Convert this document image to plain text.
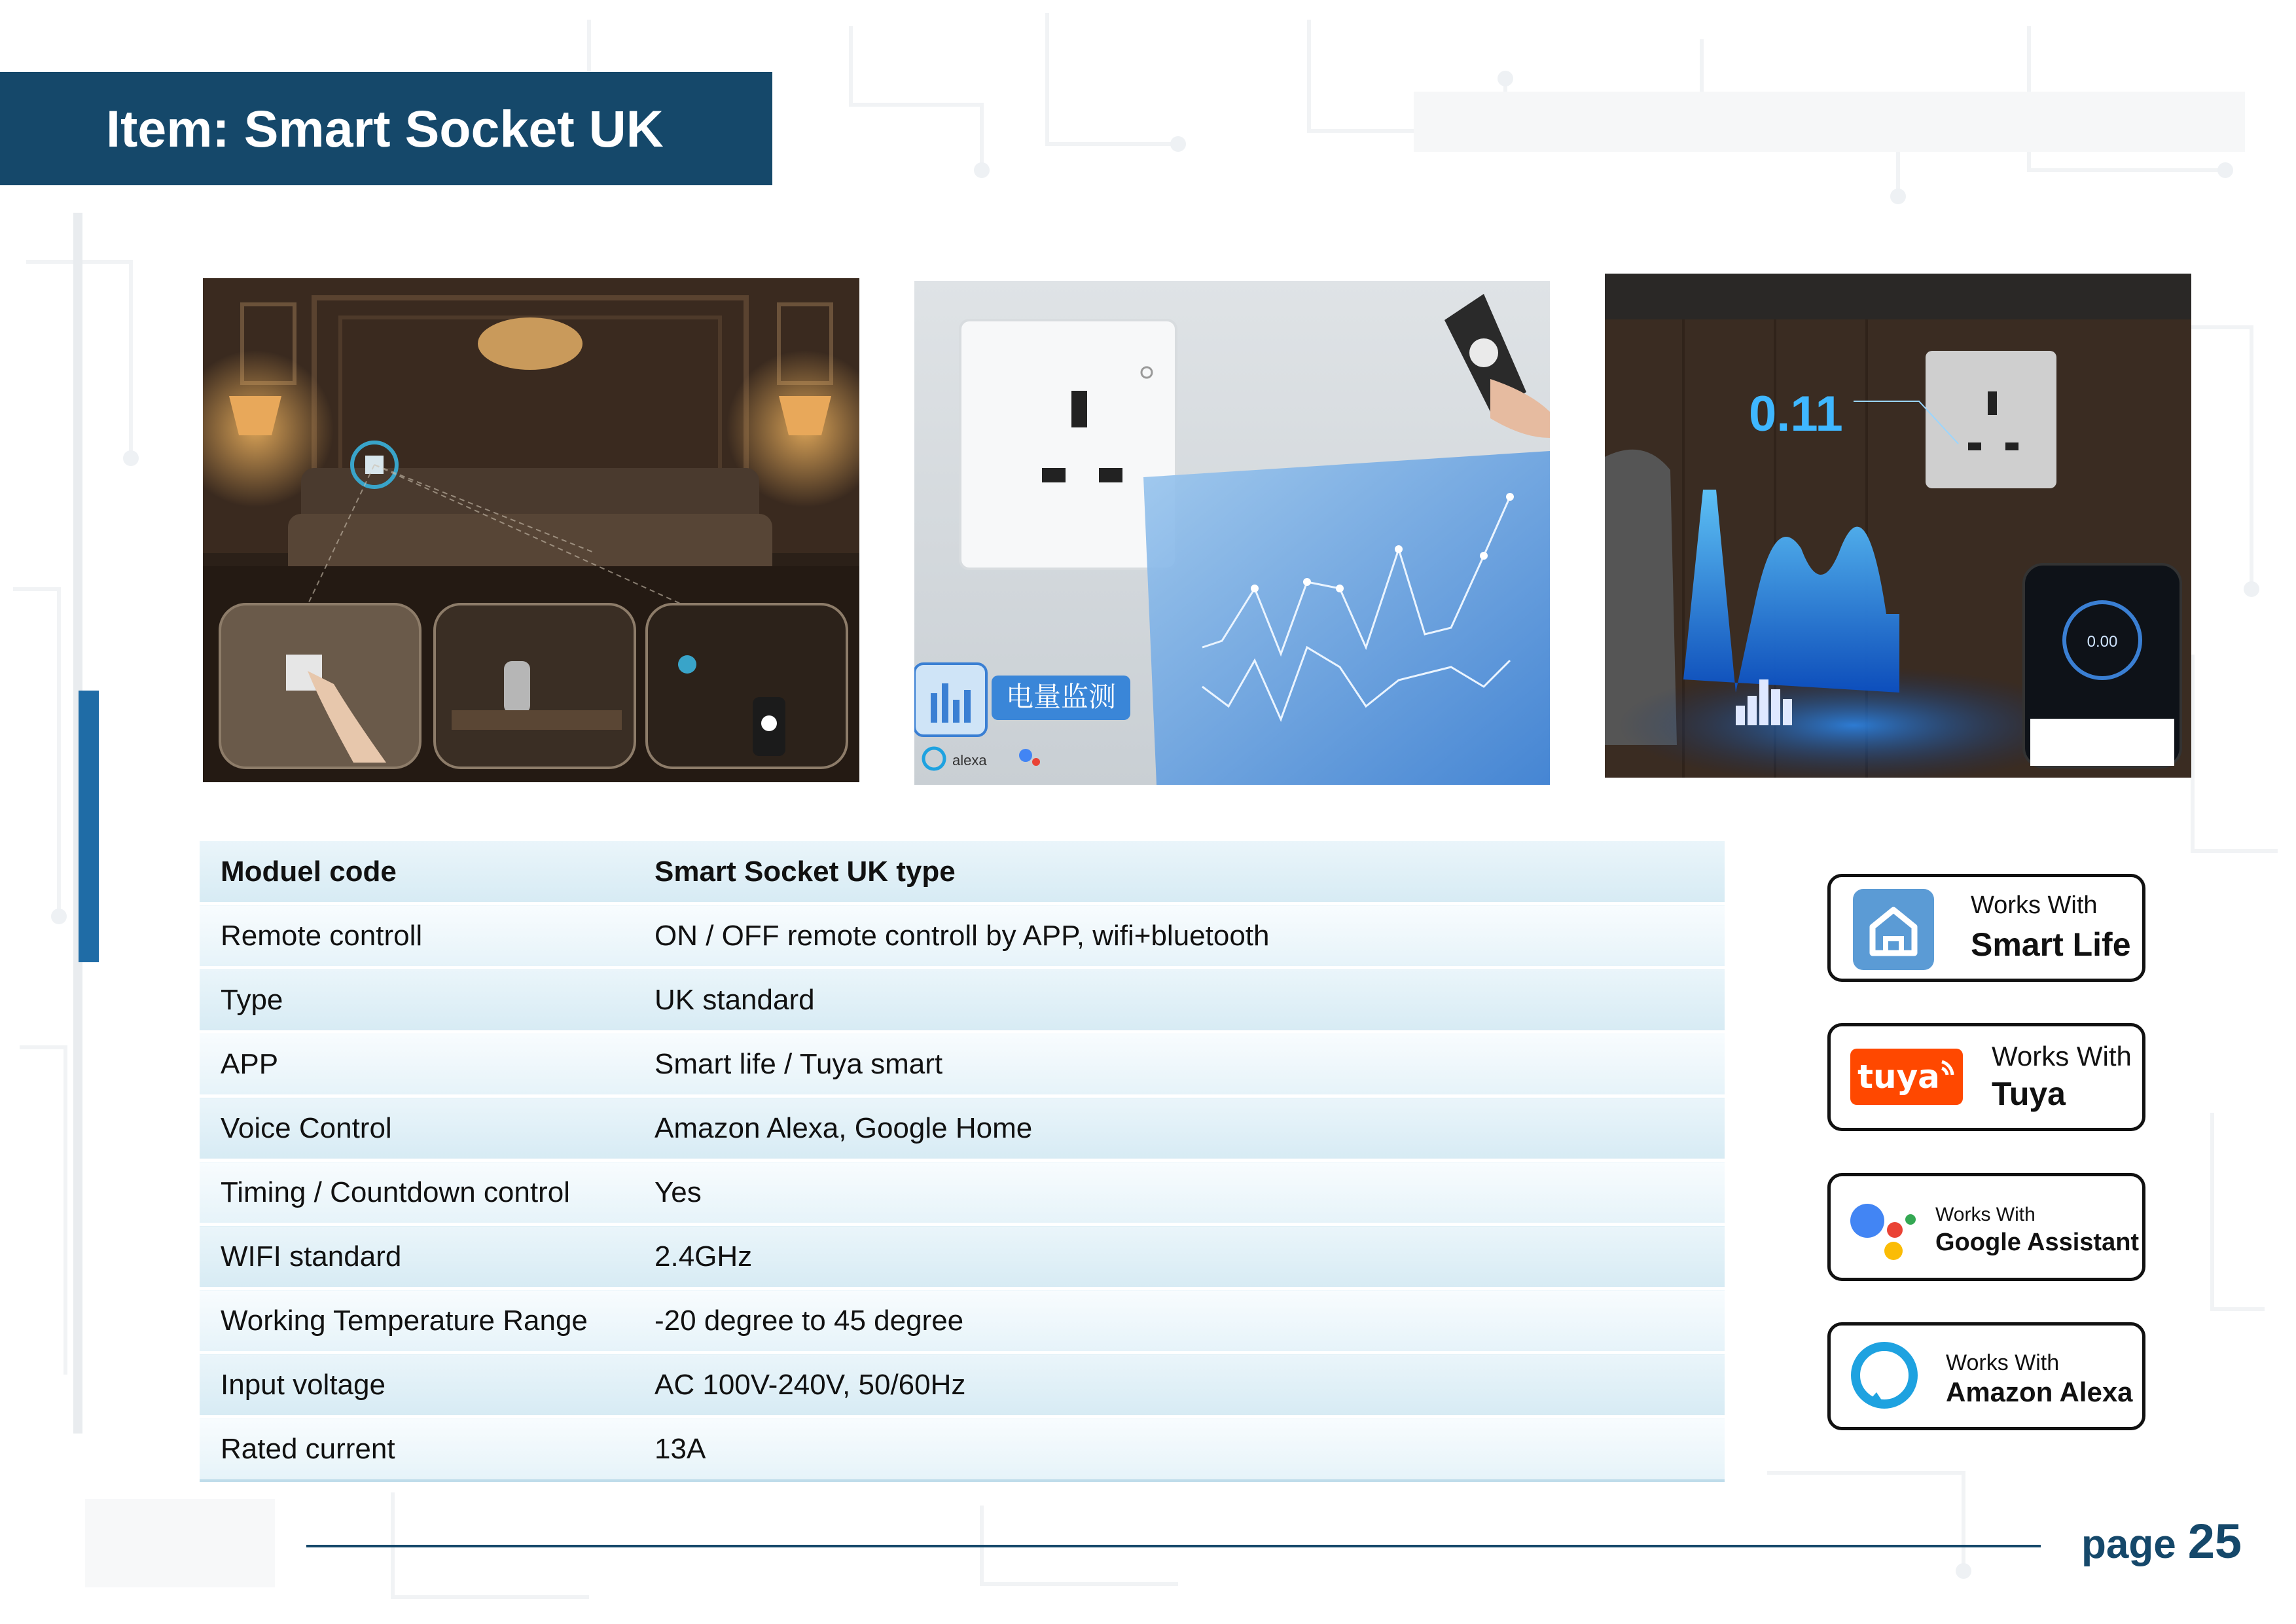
Item: Smart Socket UK
电量监测
alexa
0.11
0.00
Moduel code	Smart Socket UK type
Remote controll	ON / OFF remote controll by APP, wifi+bluetooth
Type	UK standard
APP	Smart life / Tuya smart
Voice Control	Amazon Alexa, Google Home
Timing / Countdown control	Yes
WIFI standard	2.4GHz
Working Temperature Range	-20 degree to 45 degree
Input voltage	AC 100V-240V, 50/60Hz
Rated current	13A
Works With
Smart Life
tuya
Works With
Tuya
Works With
Google Assistant
Works With
Amazon Alexa
page 25
